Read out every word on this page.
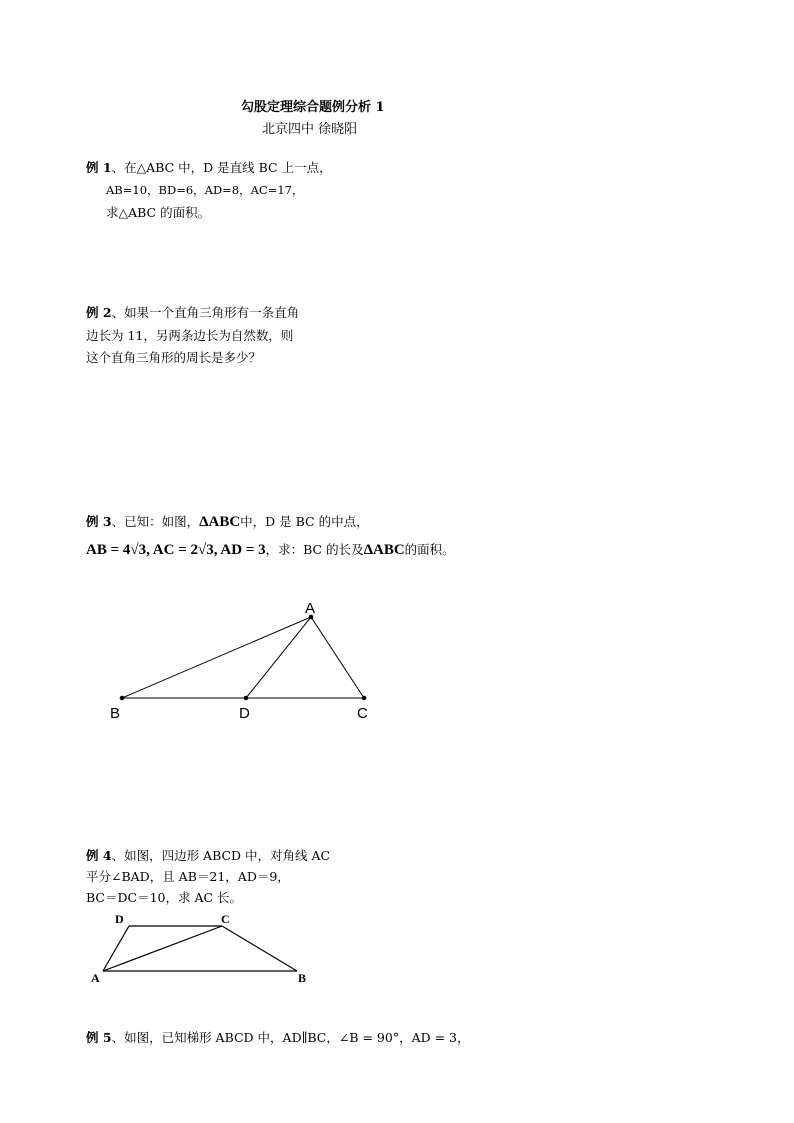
勾股定理综合题例分析 1
北京四中 徐晓阳
例 1、在△ABC 中，D 是直线 BC 上一点，
AB=10，BD=6，AD=8，AC=17，
求△ABC 的面积。
例 2、如果一个直角三角形有一条直角
边长为 11，另两条边长为自然数，则
这个直角三角形的周长是多少？
例 3、已知：如图，ΔABC中，D 是 BC 的中点，
AB = 4√3, AC = 2√3, AD = 3，求：BC 的长及ΔABC的面积。
A
B	D	C
D	C
A	B
例 4、如图，四边形 ABCD 中，对角线 AC
平分∠BAD，且 AB＝21，AD＝9，
BC＝DC＝10，求 AC 长。
例 5、如图，已知梯形 ABCD 中，AD∥BC，∠B = 90°，AD = 3，
